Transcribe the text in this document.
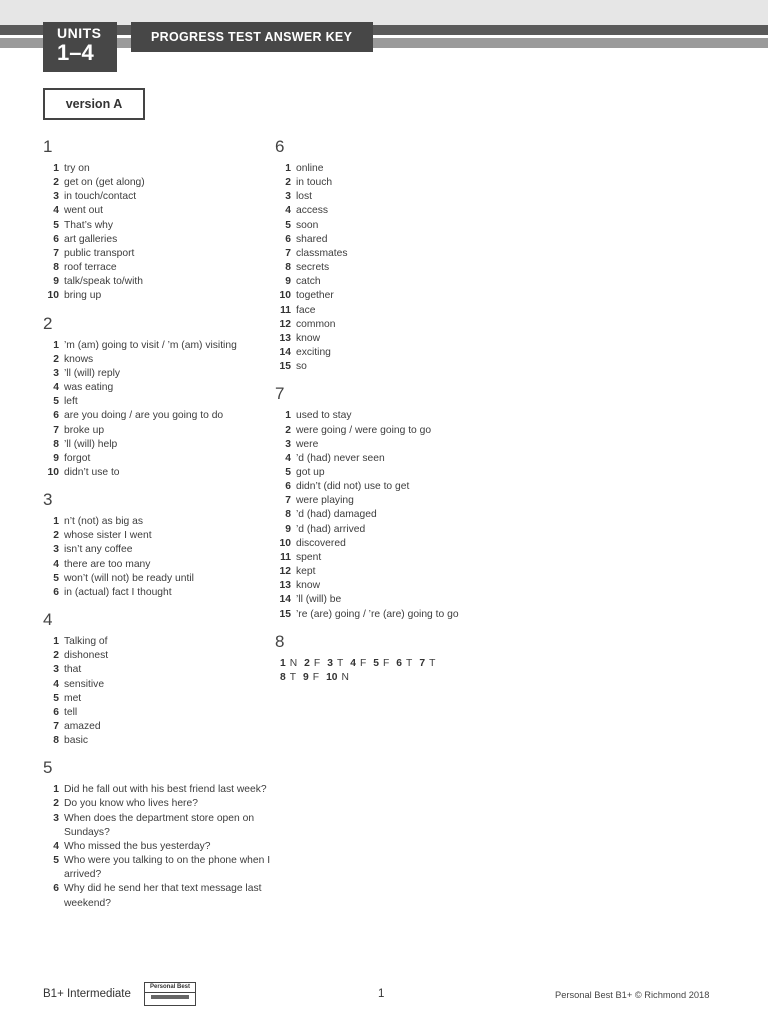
UNITS
1–4
PROGRESS TEST ANSWER KEY
version A
1
1 try on
2 get on (get along)
3 in touch/contact
4 went out
5 That’s why
6 art galleries
7 public transport
8 roof terrace
9 talk/speak to/with
10 bring up
2
1 ’m (am) going to visit / ’m (am) visiting
2 knows
3 ’ll (will) reply
4 was eating
5 left
6 are you doing / are you going to do
7 broke up
8 ’ll (will) help
9 forgot
10 didn’t use to
3
1 n’t (not) as big as
2 whose sister I went
3 isn’t any coffee
4 there are too many
5 won’t (will not) be ready until
6 in (actual) fact I thought
4
1 Talking of
2 dishonest
3 that
4 sensitive
5 met
6 tell
7 amazed
8 basic
5
1 Did he fall out with his best friend last week?
2 Do you know who lives here?
3 When does the department store open on Sundays?
4 Who missed the bus yesterday?
5 Who were you talking to on the phone when I arrived?
6 Why did he send her that text message last weekend?
6
1 online
2 in touch
3 lost
4 access
5 soon
6 shared
7 classmates
8 secrets
9 catch
10 together
11 face
12 common
13 know
14 exciting
15 so
7
1 used to stay
2 were going / were going to go
3 were
4 ’d (had) never seen
5 got up
6 didn’t (did not) use to get
7 were playing
8 ’d (had) damaged
9 ’d (had) arrived
10 discovered
11 spent
12 kept
13 know
14 ’ll (will) be
15 ’re (are) going / ’re (are) going to go
8
1 N 2 F 3 T 4 F 5 F 6 T 7 T
8 T 9 F 10 N
B1+ Intermediate
Personal Best
1	Personal Best B1+ © Richmond 2018
